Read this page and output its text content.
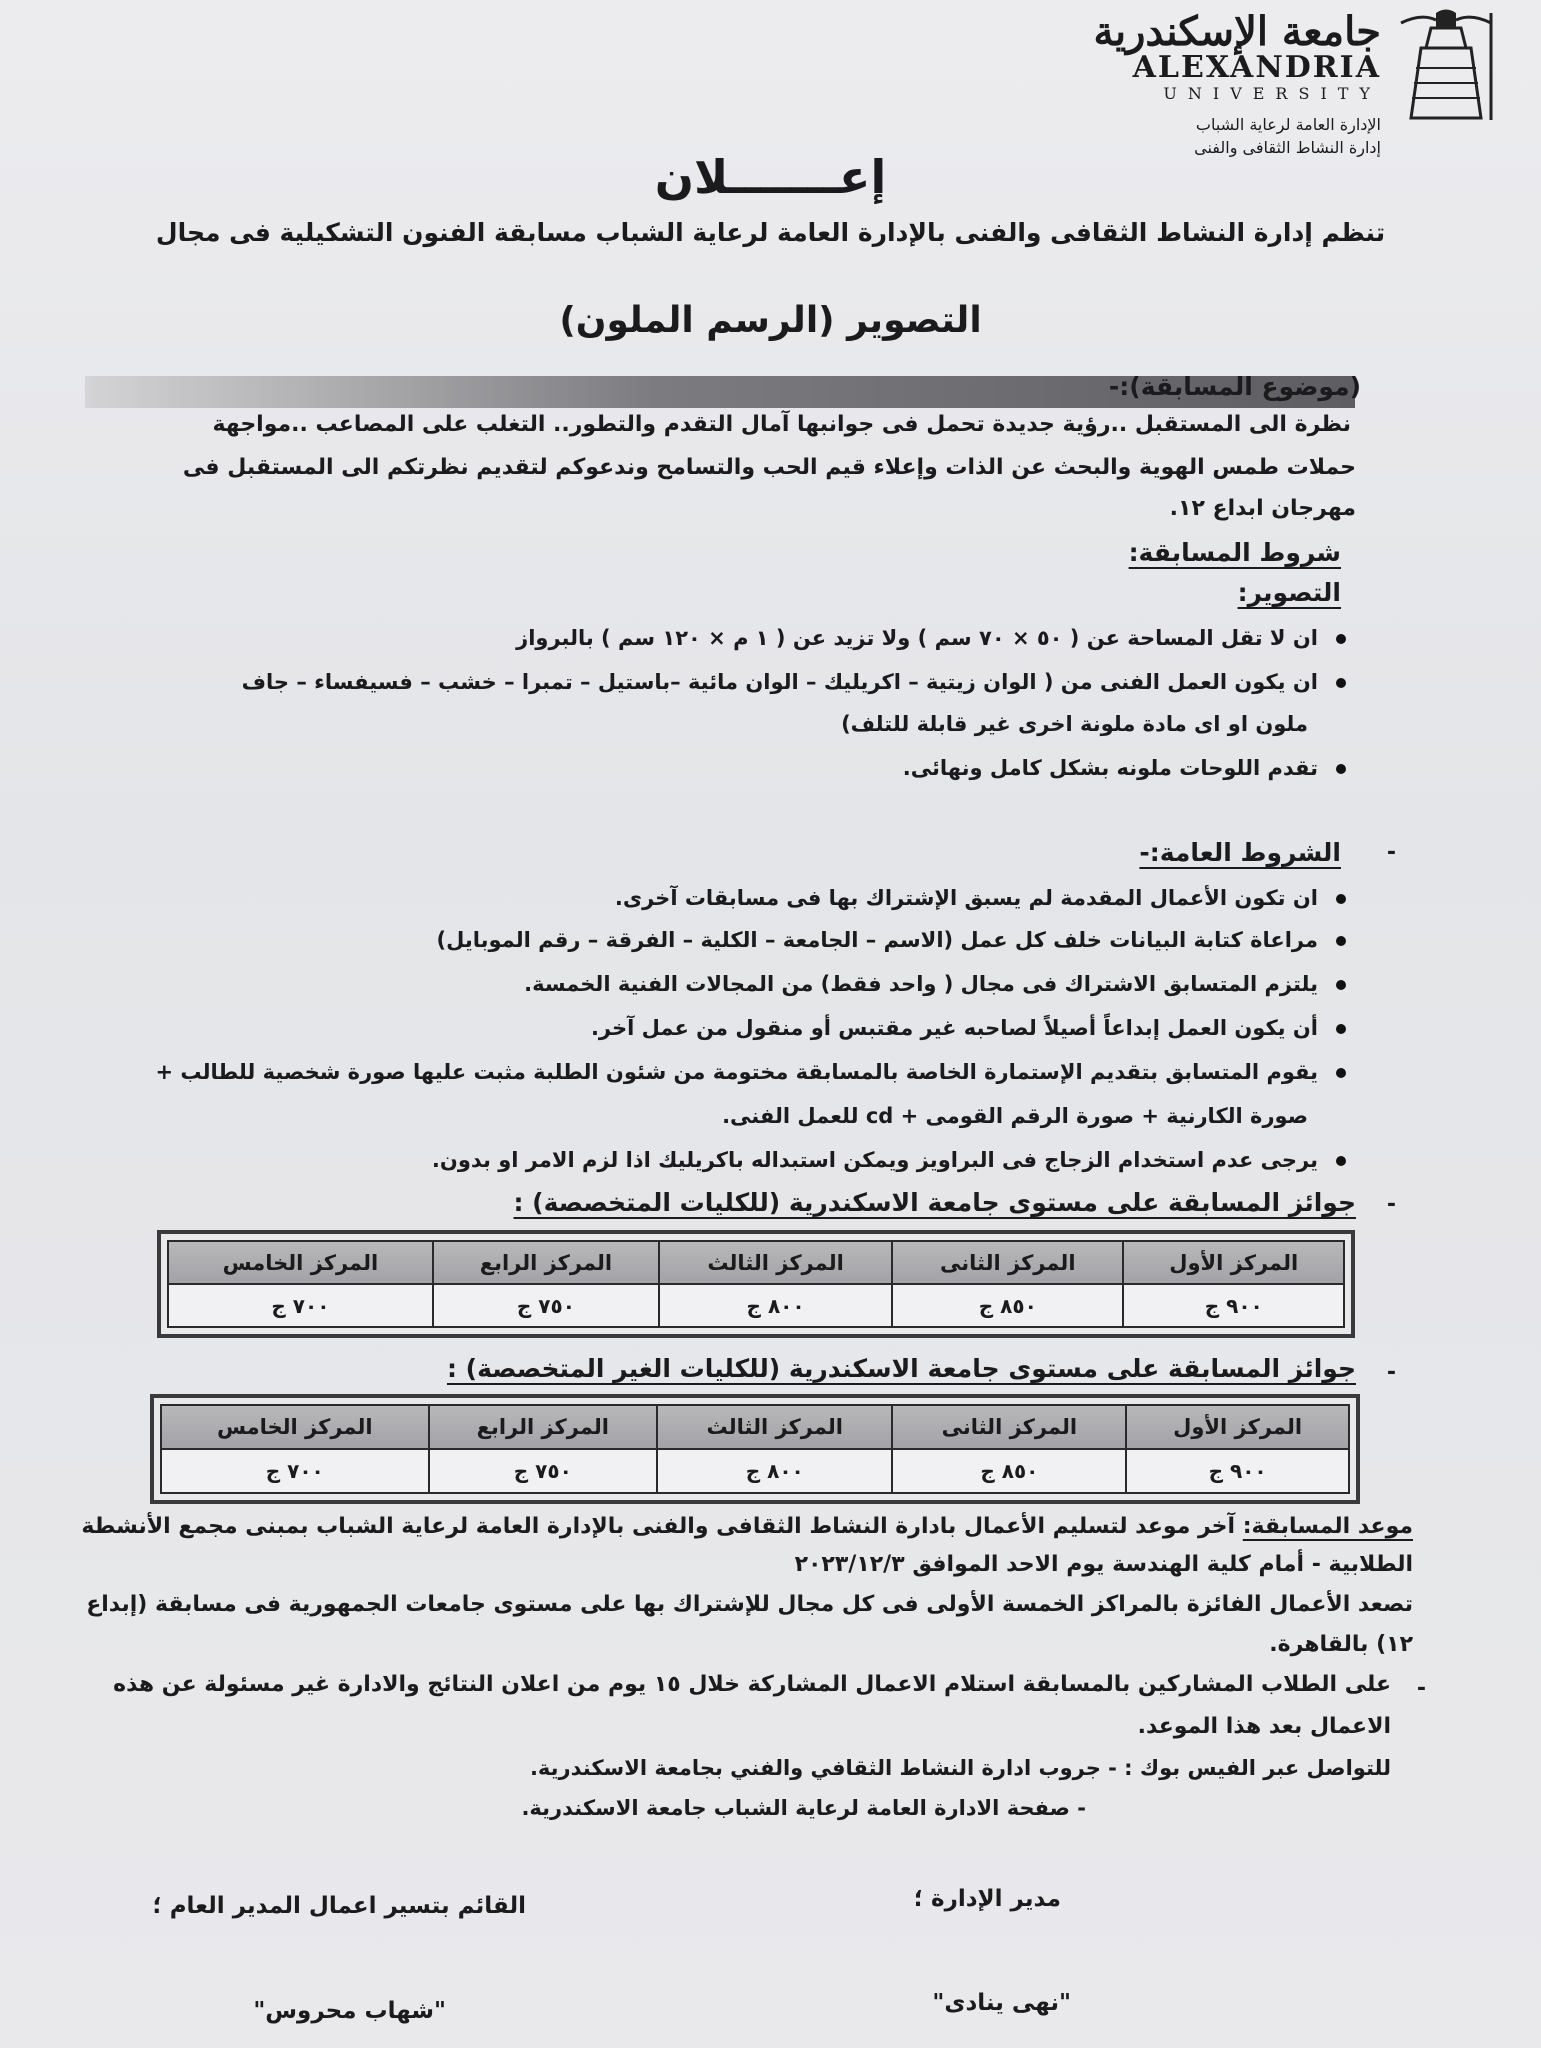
جامعة الإسكندرية
ALEXANDRIA
UNIVERSITY
الإدارة العامة لرعاية الشباب
إدارة النشاط الثقافى والفنى
إعـــــــلان
تنظم إدارة النشاط الثقافى والفنى بالإدارة العامة لرعاية الشباب مسابقة الفنون التشكيلية فى مجال
التصوير (الرسم الملون)
(موضوع المسابقة):-
نظرة الى المستقبل ..رؤية جديدة تحمل فى جوانبها آمال التقدم والتطور.. التغلب على المصاعب ..مواجهة
حملات طمس الهوية والبحث عن الذات وإعلاء قيم الحب والتسامح وندعوكم لتقديم نظرتكم الى المستقبل فى
مهرجان ابداع ١٢.
شروط المسابقة:
التصوير:
ان لا تقل المساحة عن ( ٥٠ × ٧٠ سم ) ولا تزيد عن ( ١ م × ١٢٠ سم ) بالبرواز
ان يكون العمل الفنى من ( الوان زيتية – اكريليك – الوان مائية –باستيل – تمبرا – خشب – فسيفساء – جاف
ملون او اى مادة ملونة اخرى غير قابلة للتلف)
تقدم اللوحات ملونه بشكل كامل ونهائى.
-
الشروط العامة:-
ان تكون الأعمال المقدمة لم يسبق الإشتراك بها فى مسابقات آخرى.
مراعاة كتابة البيانات خلف كل عمل (الاسم – الجامعة – الكلية – الفرقة – رقم الموبايل)
يلتزم المتسابق الاشتراك فى مجال ( واحد فقط) من المجالات الفنية الخمسة.
أن يكون العمل إبداعاً أصيلاً لصاحبه غير مقتبس أو منقول من عمل آخر.
يقوم المتسابق بتقديم الإستمارة الخاصة بالمسابقة مختومة من شئون الطلبة مثبت عليها صورة شخصية للطالب +
صورة الكارنية + صورة الرقم القومى + cd للعمل الفنى.
يرجى عدم استخدام الزجاج فى البراويز ويمكن استبداله باكريليك اذا لزم الامر او بدون.
-
جوائز المسابقة على مستوى جامعة الاسكندرية (للكليات المتخصصة) :
المركز الأول	المركز الثانى	المركز الثالث	المركز الرابع	المركز الخامس
٩٠٠ ج	٨٥٠ ج	٨٠٠ ج	٧٥٠ ج	٧٠٠ ج
-
جوائز المسابقة على مستوى جامعة الاسكندرية (للكليات الغير المتخصصة) :
المركز الأول	المركز الثانى	المركز الثالث	المركز الرابع	المركز الخامس
٩٠٠ ج	٨٥٠ ج	٨٠٠ ج	٧٥٠ ج	٧٠٠ ج
موعد المسابقة: آخر موعد لتسليم الأعمال بادارة النشاط الثقافى والفنى بالإدارة العامة لرعاية الشباب بمبنى مجمع الأنشطة
الطلابية - أمام كلية الهندسة يوم الاحد الموافق ٢٠٢٣/١٢/٣
تصعد الأعمال الفائزة بالمراكز الخمسة الأولى فى كل مجال للإشتراك بها على مستوى جامعات الجمهورية فى مسابقة (إبداع
١٢) بالقاهرة.
-
على الطلاب المشاركين بالمسابقة استلام الاعمال المشاركة خلال ١٥ يوم من اعلان النتائج والادارة غير مسئولة عن هذه
الاعمال بعد هذا الموعد.
للتواصل عبر الفيس بوك : - جروب ادارة النشاط الثقافي والفني بجامعة الاسكندرية.
- صفحة الادارة العامة لرعاية الشباب جامعة الاسكندرية.
مدير الإدارة ؛
"نهى ينادى"
القائم بتسير اعمال المدير العام ؛
"شهاب محروس"
